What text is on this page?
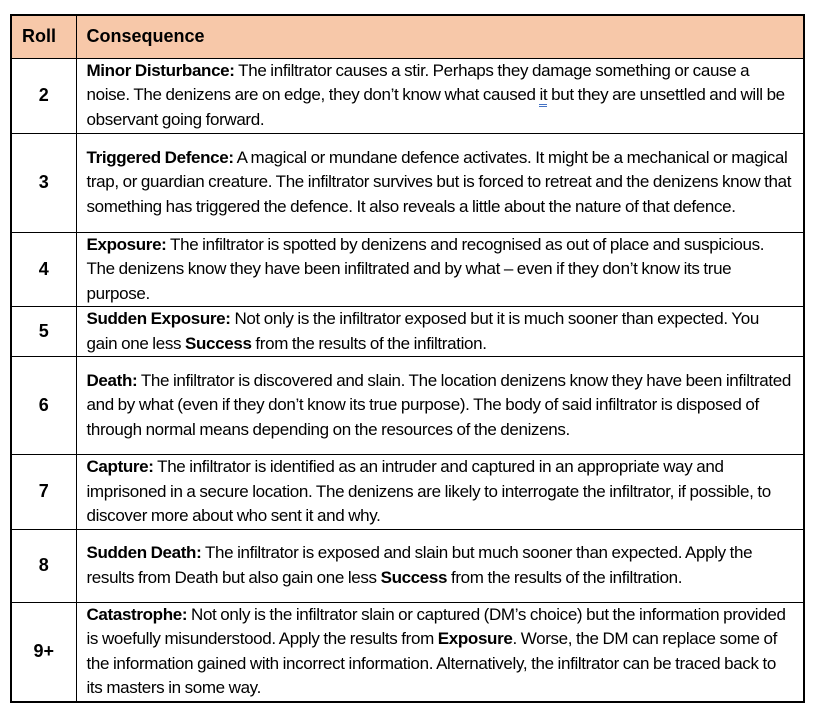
Roll	Consequence
2	Minor Disturbance: The infiltrator causes a stir. Perhaps they damage something or cause a noise. The denizens are on edge, they don’t know what caused it but they are unsettled and will be observant going forward.
3	Triggered Defence: A magical or mundane defence activates. It might be a mechanical or magical trap, or guardian creature. The infiltrator survives but is forced to retreat and the denizens know that something has triggered the defence. It also reveals a little about the nature of that defence.
4	Exposure: The infiltrator is spotted by denizens and recognised as out of place and suspicious. The denizens know they have been infiltrated and by what – even if they don’t know its true purpose.
5	Sudden Exposure: Not only is the infiltrator exposed but it is much sooner than expected. You gain one less Success from the results of the infiltration.
6	Death: The infiltrator is discovered and slain. The location denizens know they have been infiltrated and by what (even if they don’t know its true purpose). The body of said infiltrator is disposed of through normal means depending on the resources of the denizens.
7	Capture: The infiltrator is identified as an intruder and captured in an appropriate way and imprisoned in a secure location. The denizens are likely to interrogate the infiltrator, if possible, to discover more about who sent it and why.
8	Sudden Death: The infiltrator is exposed and slain but much sooner than expected. Apply the results from Death but also gain one less Success from the results of the infiltration.
9+	Catastrophe: Not only is the infiltrator slain or captured (DM’s choice) but the information provided is woefully misunderstood. Apply the results from Exposure. Worse, the DM can replace some of the information gained with incorrect information. Alternatively, the infiltrator can be traced back to its masters in some way.
